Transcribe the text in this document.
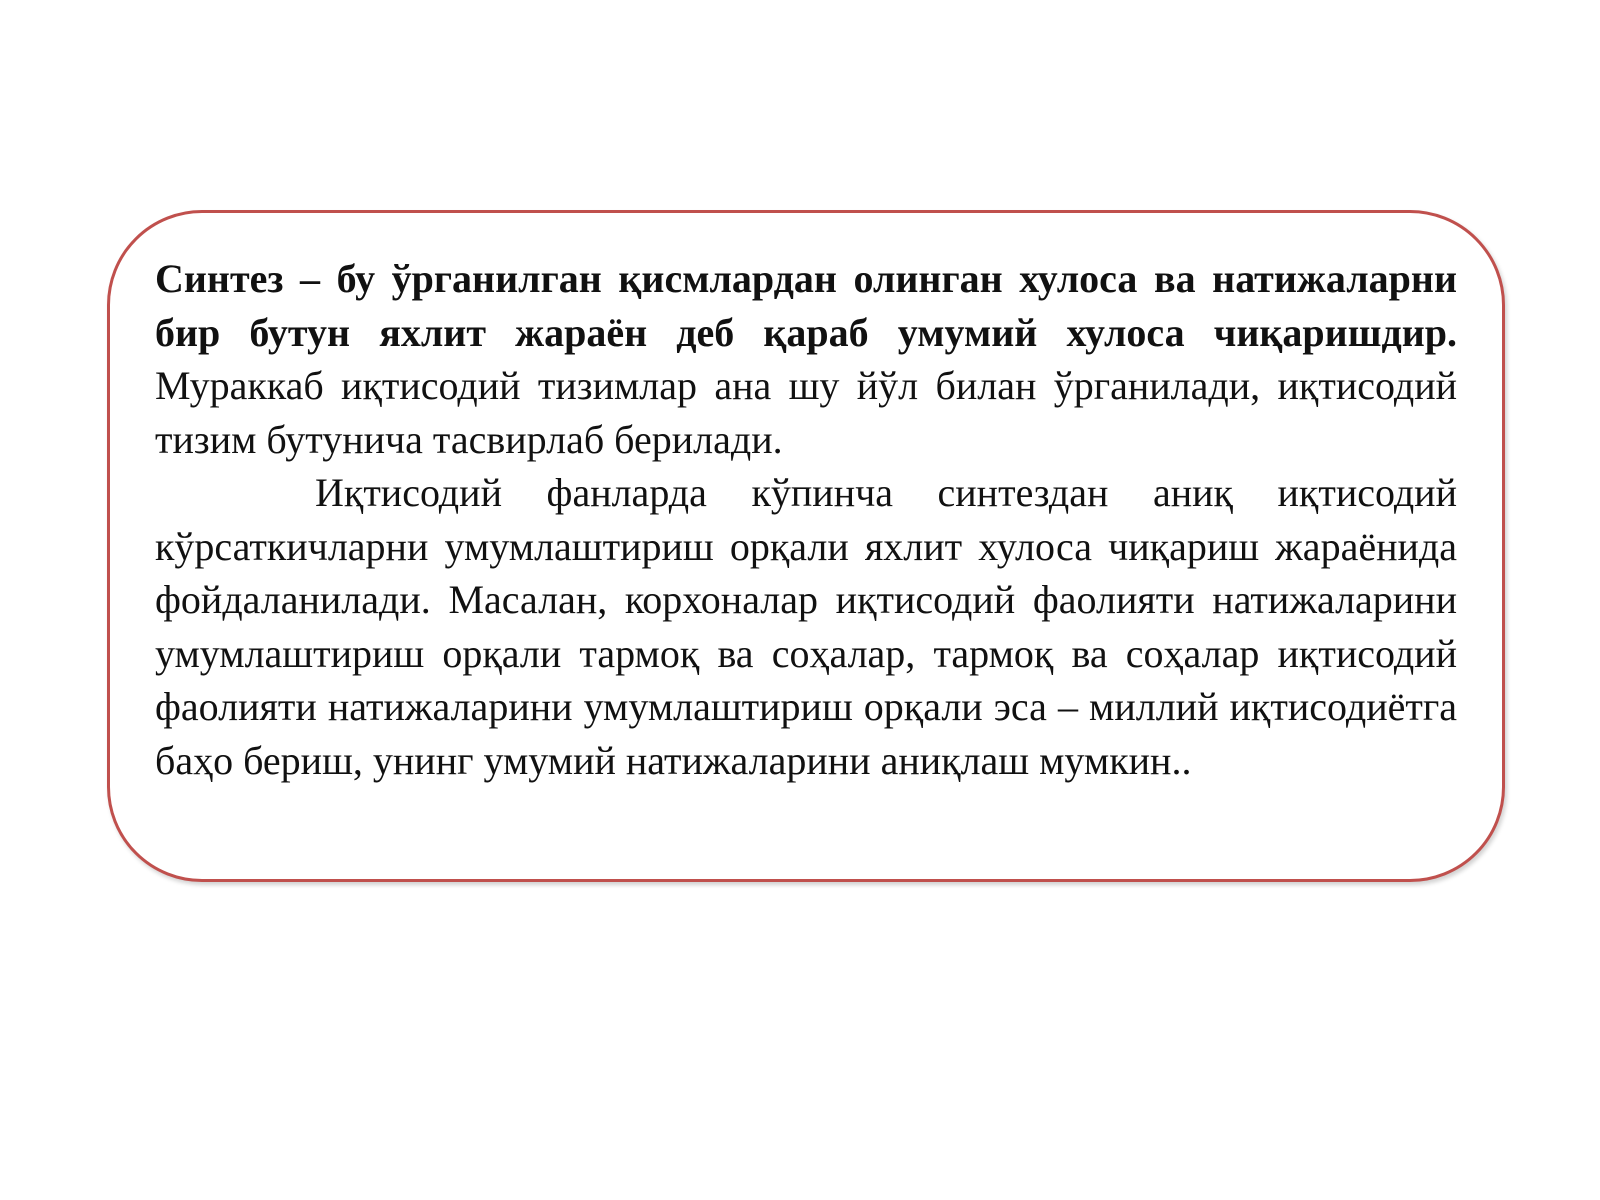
Синтез – бу ўрганилган қисмлардан олинган хулоса ва натижаларни бир бутун яхлит жараён деб қараб умумий хулоса чиқаришдир. Мураккаб иқтисодий тизимлар ана шу йўл билан ўрганилади, иқтисодий тизим бутунича тасвирлаб берилади.

Иқтисодий фанларда кўпинча синтездан аниқ иқтисодий кўрсаткичларни умумлаштириш орқали яхлит хулоса чиқариш жараёнида фойдаланилади. Масалан, корхоналар иқтисодий фаолияти натижаларини умумлаштириш орқали тармоқ ва соҳалар, тармоқ ва соҳалар иқтисодий фаолияти натижаларини умумлаштириш орқали эса – миллий иқтисодиётга баҳо бериш, унинг умумий натижаларини аниқлаш мумкин..
